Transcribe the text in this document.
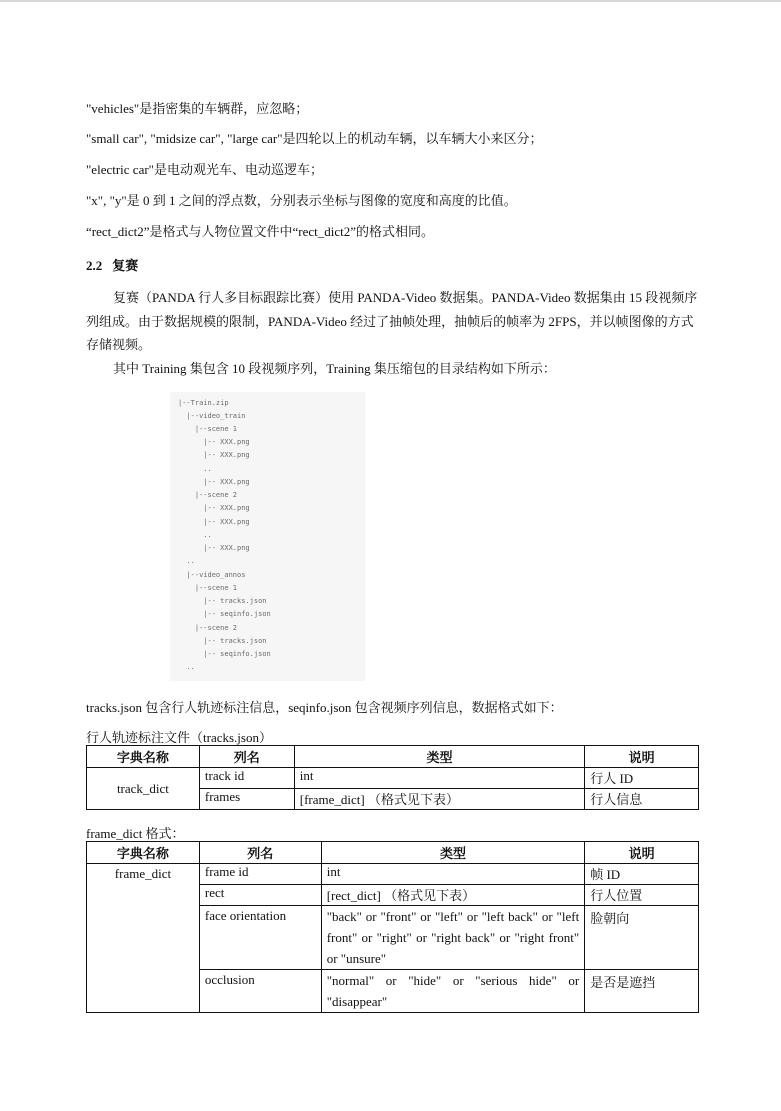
"vehicles"是指密集的车辆群，应忽略；
"small car", "midsize car", "large car"是四轮以上的机动车辆，以车辆大小来区分；
"electric car"是电动观光车、电动巡逻车；
"x", "y"是 0 到 1 之间的浮点数，分别表示坐标与图像的宽度和高度的比值。
“rect_dict2”是格式与人物位置文件中“rect_dict2”的格式相同。
2.2 复赛

复赛（PANDA 行人多目标跟踪比赛）使用 PANDA-Video 数据集。PANDA-Video 数据集由 15 段视频序列组成。由于数据规模的限制，PANDA-Video 经过了抽帧处理，抽帧后的帧率为 2FPS，并以帧图像的方式存储视频。

其中 Training 集包含 10 段视频序列，Training 集压缩包的目录结构如下所示：

|--Train.zip
|--video_train
|--scene 1
|-- XXX.png
|-- XXX.png
..
|-- XXX.png
|--scene 2
|-- XXX.png
|-- XXX.png
..
|-- XXX.png
..
|--video_annos
|--scene 1
|-- tracks.json
|-- seqinfo.json
|--scene 2
|-- tracks.json
|-- seqinfo.json
..
tracks.json 包含行人轨迹标注信息，seqinfo.json 包含视频序列信息，数据格式如下：
行人轨迹标注文件（tracks.json）
字典名称	列名	类型	说明
track_dict	track id	int	行人 ID
	frames	[frame_dict] （格式见下表）	行人信息
frame_dict 格式：
字典名称	列名	类型	说明
frame_dict	frame id	int	帧 ID
	rect	[rect_dict] （格式见下表）	行人位置
	face orientation	"back" or "front" or "left" or "left back" or "left front" or "right" or "right back" or "right front" or "unsure"	脸朝向
	occlusion	"normal" or "hide" or "serious hide" or "disappear"	是否是遮挡
